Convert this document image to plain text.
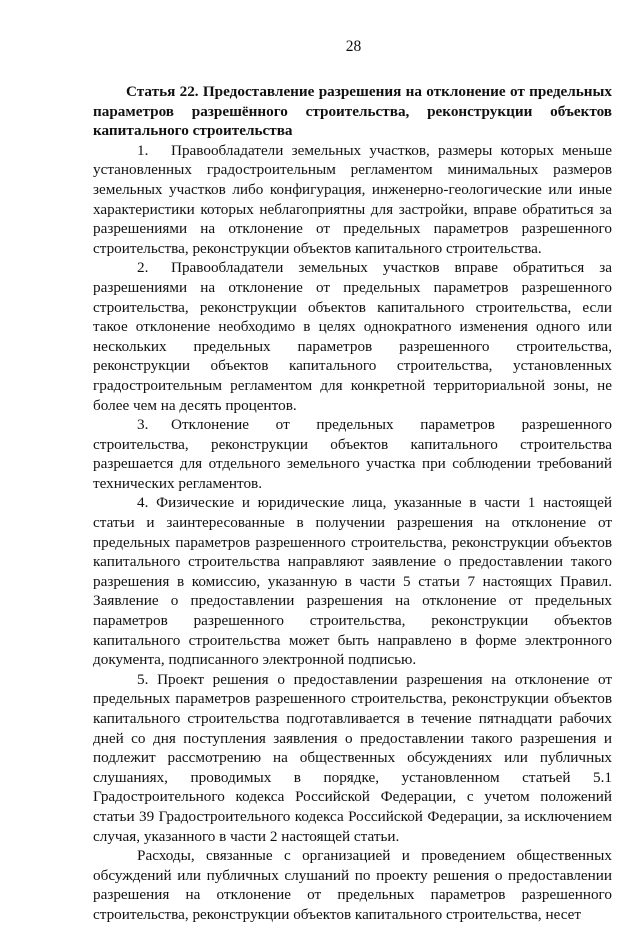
28
Статья 22. Предоставление разрешения на отклонение от предельных параметров разрешённого строительства, реконструкции объектов капитального строительства

1. Правообладатели земельных участков, размеры которых меньше установленных градостроительным регламентом минимальных размеров земельных участков либо конфигурация, инженерно-геологические или иные характеристики которых неблагоприятны для застройки, вправе обратиться за разрешениями на отклонение от предельных параметров разрешенного строительства, реконструкции объектов капитального строительства.

2. Правообладатели земельных участков вправе обратиться за разрешениями на отклонение от предельных параметров разрешенного строительства, реконструкции объектов капитального строительства, если такое отклонение необходимо в целях однократного изменения одного или нескольких предельных параметров разрешенного строительства, реконструкции объектов капитального строительства, установленных градостроительным регламентом для конкретной территориальной зоны, не более чем на десять процентов.

3. Отклонение от предельных параметров разрешенного строительства, реконструкции объектов капитального строительства разрешается для отдельного земельного участка при соблюдении требований технических регламентов.

4. Физические и юридические лица, указанные в части 1 настоящей статьи и заинтересованные в получении разрешения на отклонение от предельных параметров разрешенного строительства, реконструкции объектов капитального строительства направляют заявление о предоставлении такого разрешения в комиссию, указанную в части 5 статьи 7 настоящих Правил. Заявление о предоставлении разрешения на отклонение от предельных параметров разрешенного строительства, реконструкции объектов капитального строительства может быть направлено в форме электронного документа, подписанного электронной подписью.

5. Проект решения о предоставлении разрешения на отклонение от предельных параметров разрешенного строительства, реконструкции объектов капитального строительства подготавливается в течение пятнадцати рабочих дней со дня поступления заявления о предоставлении такого разрешения и подлежит рассмотрению на общественных обсуждениях или публичных слушаниях, проводимых в порядке, установленном статьей 5.1 Градостроительного кодекса Российской Федерации, с учетом положений статьи 39 Градостроительного кодекса Российской Федерации, за исключением случая, указанного в части 2 настоящей статьи.

Расходы, связанные с организацией и проведением общественных обсуждений или публичных слушаний по проекту решения о предоставлении разрешения на отклонение от предельных параметров разрешенного строительства, реконструкции объектов капитального строительства, несет
